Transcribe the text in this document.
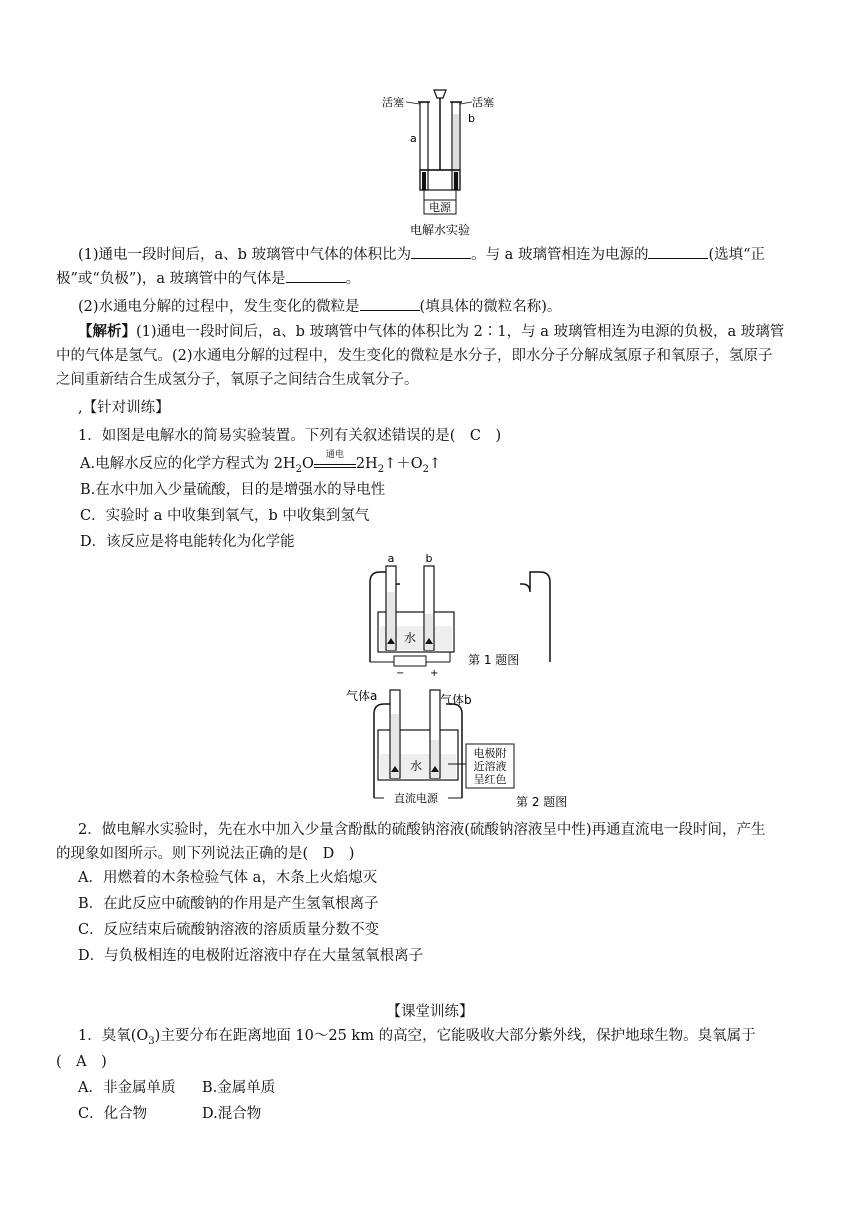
电源
活塞	活塞
a
b
电解水实验
(1)通电一段时间后，a、b 玻璃管中气体的体积比为	。与 a 玻璃管相连为电源的	(选填“正
极”或“负极”)，a 玻璃管中的气体是	。
(2)水通电分解的过程中，发生变化的微粒是	(填具体的微粒名称)。
【解析】(1)通电一段时间后，a、b 玻璃管中气体的体积比为 2∶1，与 a 玻璃管相连为电源的负极，a 玻璃管
中的气体是氢气。(2)水通电分解的过程中，发生变化的微粒是水分子，即水分子分解成氢原子和氧原子，氢原子
之间重新结合生成氢分子，氧原子之间结合生成氧分子。
,【针对训练】
1．如图是电解水的简易实验装置。下列有关叙述错误的是(　C　)
A.电解水反应的化学方程式为 $2H_2O$
通电
$2H_2↑+O_2↑$
B.在水中加入少量硫酸，目的是增强水的导电性
C．实验时 a 中收集到氧气，b 中收集到氢气
D．该反应是将电能转化为化学能
水
a	b
−	+
第 1 题图
水
气体a	气体b
直流电源
电极附
近溶液
呈红色
第 2 题图
2．做电解水实验时，先在水中加入少量含酚酞的硫酸钠溶液(硫酸钠溶液呈中性)再通直流电一段时间，产生
的现象如图所示。则下列说法正确的是(　D　)
A．用燃着的木条检验气体 a，木条上火焰熄灭
B．在此反应中硫酸钠的作用是产生氢氧根离子
C．反应结束后硫酸钠溶液的溶质质量分数不变
D．与负极相连的电极附近溶液中存在大量氢氧根离子
【课堂训练】
1．臭氧$(O_3)$主要分布在距离地面 10～25 km 的高空，它能吸收大部分紫外线，保护地球生物。臭氧属于
(　A　)
A．非金属单质 B.金属单质
C．化合物	D.混合物
